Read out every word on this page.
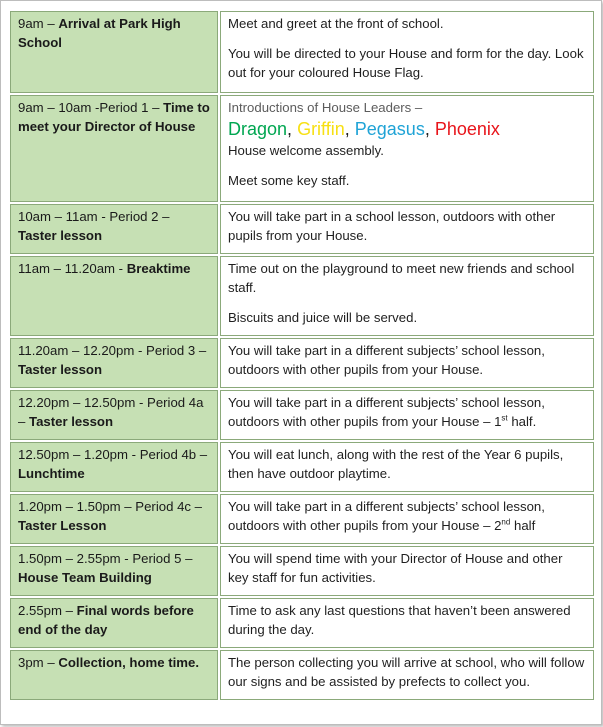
9am – Arrival at Park High School	Meet and greet at the front of school.

You will be directed to your House and form for the day. Look out for your coloured House Flag.

9am – 10am -Period 1 – Time to meet your Director of House	Introductions of House Leaders –
Dragon, Griffin, Pegasus, Phoenix
House welcome assembly.

Meet some key staff.

10am – 11am - Period 2 – Taster lesson	You will take part in a school lesson, outdoors with other pupils from your House.

11am – 11.20am - Breaktime	Time out on the playground to meet new friends and school staff.

Biscuits and juice will be served.

11.20am – 12.20pm - Period 3 – Taster lesson	You will take part in a different subjects’ school lesson, outdoors with other pupils from your House.

12.20pm – 12.50pm - Period 4a – Taster lesson	You will take part in a different subjects’ school lesson, outdoors with other pupils from your House – 1st half.
12.50pm – 1.20pm - Period 4b – Lunchtime	You will eat lunch, along with the rest of the Year 6 pupils, then have outdoor playtime.

1.20pm – 1.50pm – Period 4c – Taster Lesson	You will take part in a different subjects’ school lesson, outdoors with other pupils from your House – 2nd half
1.50pm – 2.55pm - Period 5 – House Team Building	You will spend time with your Director of House and other key staff for fun activities.

2.55pm – Final words before end of the day	Time to ask any last questions that haven’t been answered during the day.

3pm – Collection, home time.	The person collecting you will arrive at school, who will follow our signs and be assisted by prefects to collect you.
